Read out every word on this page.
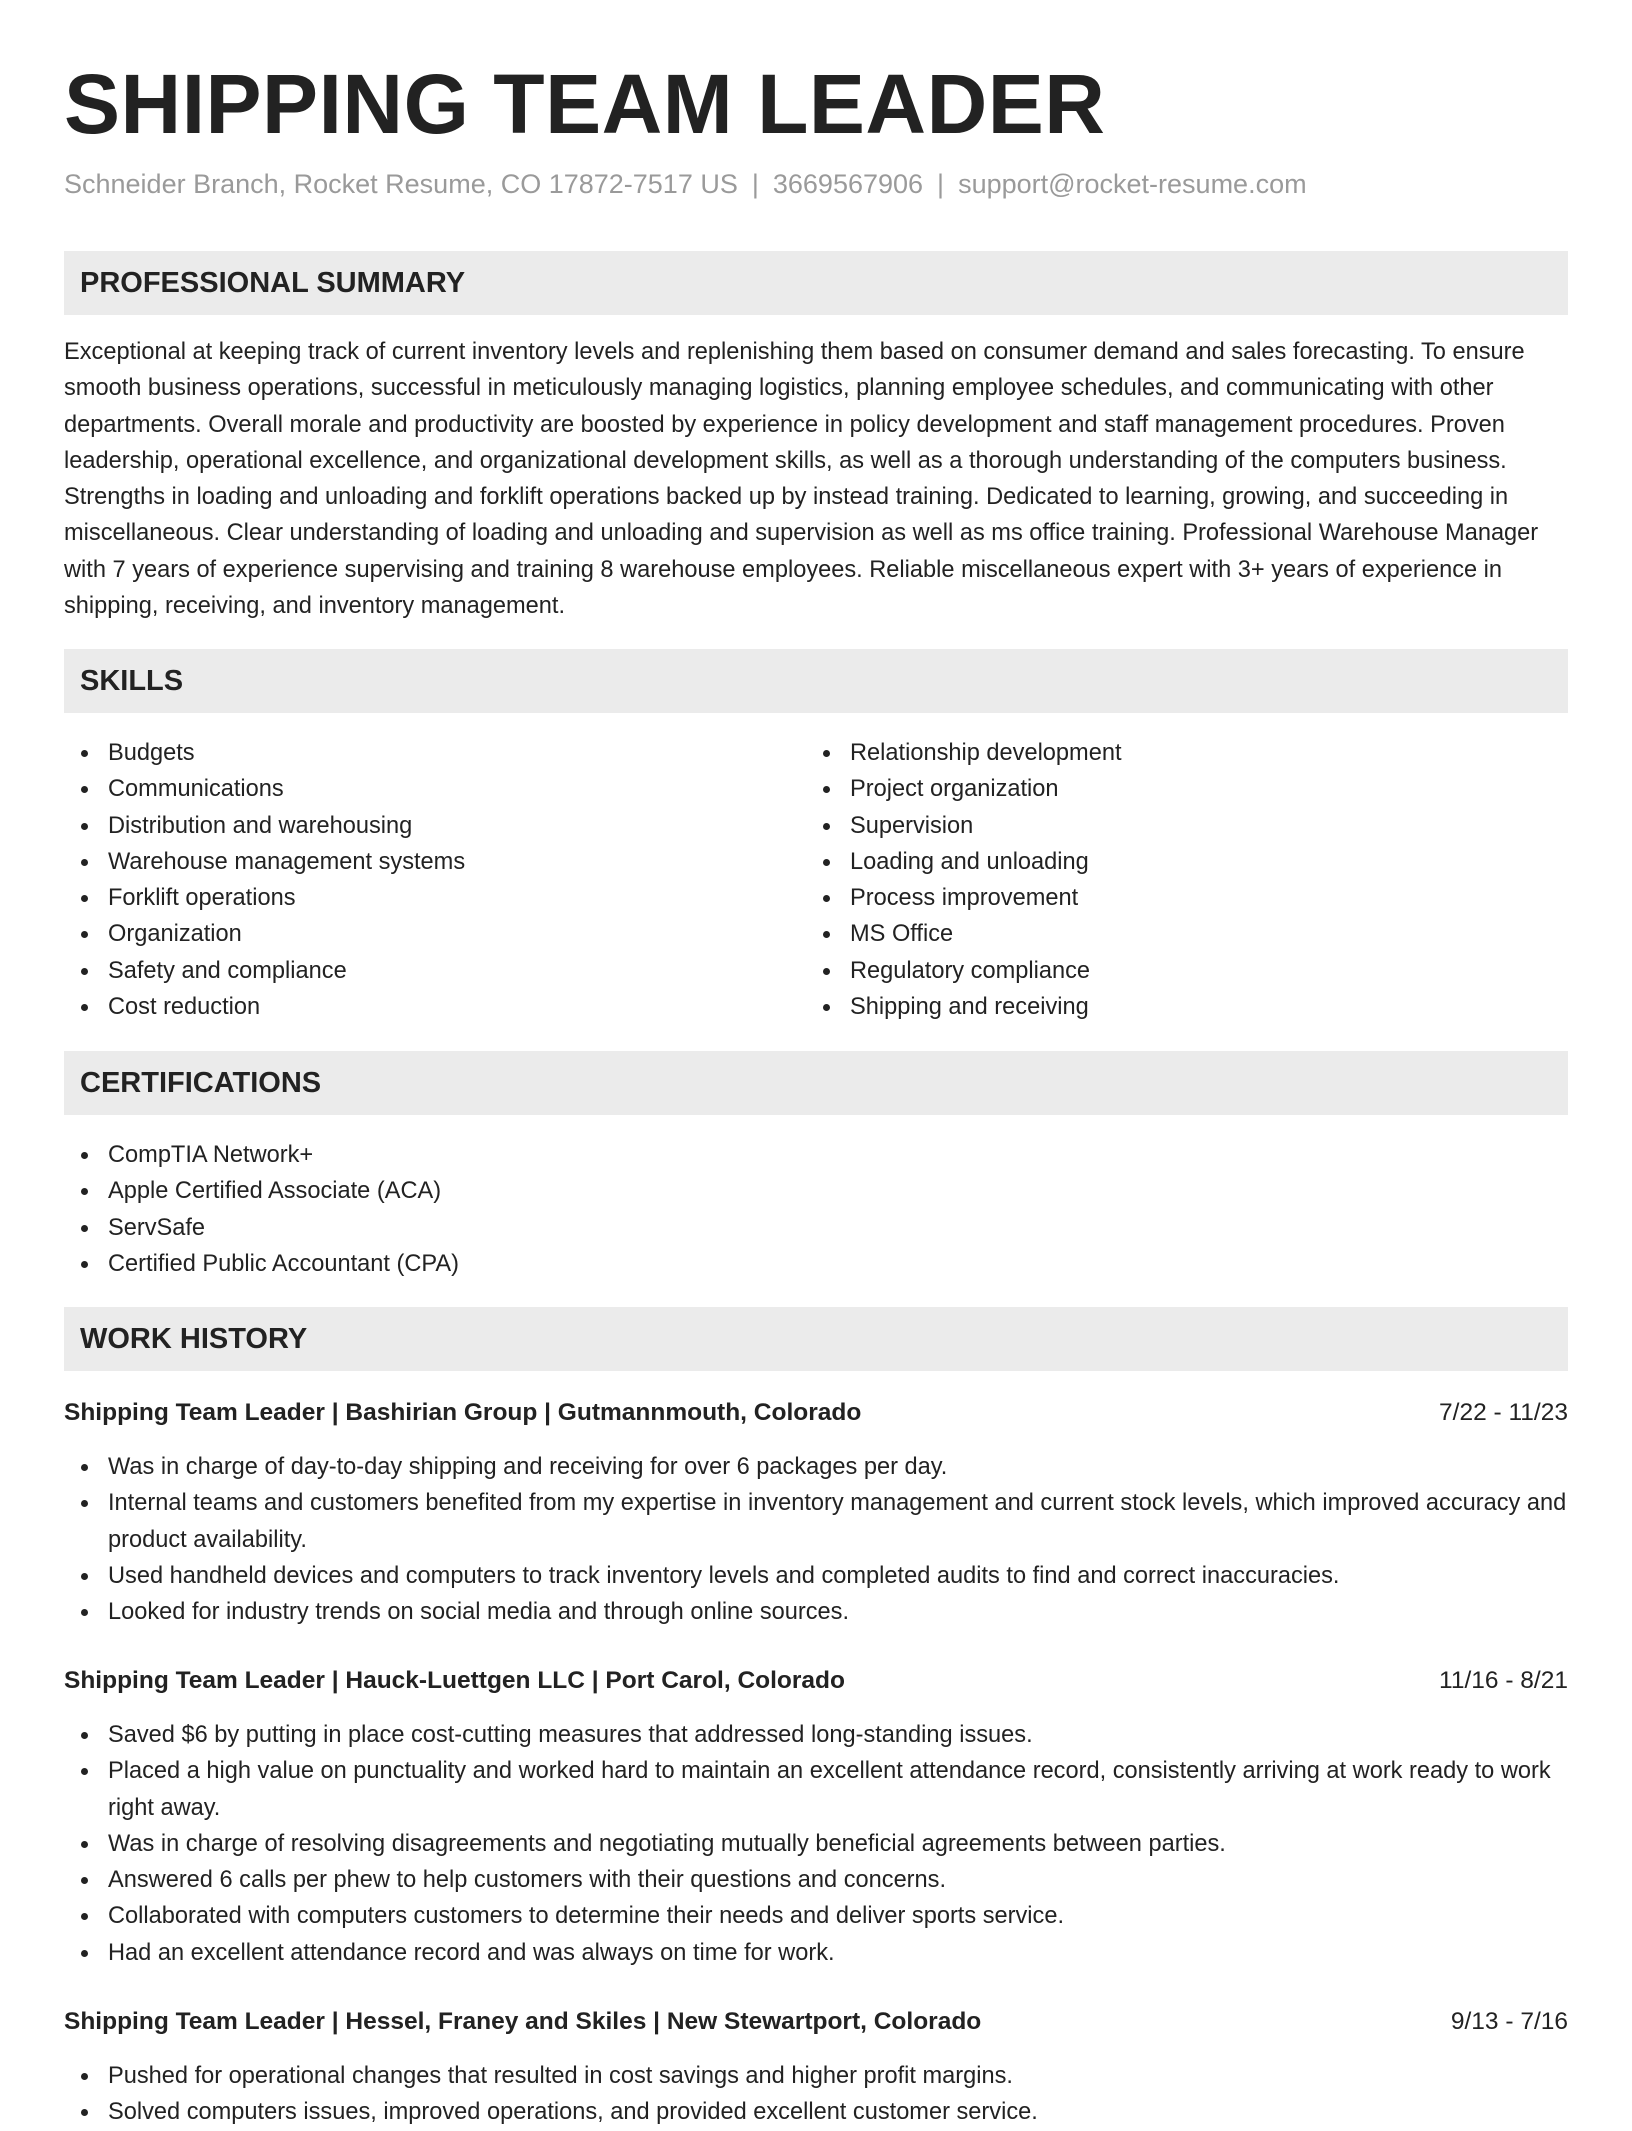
SHIPPING TEAM LEADER
Schneider Branch, Rocket Resume, CO 17872-7517 US | 3669567906 | support@rocket-resume.com
PROFESSIONAL SUMMARY

Exceptional at keeping track of current inventory levels and replenishing them based on consumer demand and sales forecasting. To ensure smooth business operations, successful in meticulously managing logistics, planning employee schedules, and communicating with other departments. Overall morale and productivity are boosted by experience in policy development and staff management procedures. Proven leadership, operational excellence, and organizational development skills, as well as a thorough understanding of the computers business. Strengths in loading and unloading and forklift operations backed up by instead training. Dedicated to learning, growing, and succeeding in miscellaneous. Clear understanding of loading and unloading and supervision as well as ms office training. Professional Warehouse Manager with 7 years of experience supervising and training 8 warehouse employees. Reliable miscellaneous expert with 3+ years of experience in shipping, receiving, and inventory management.

SKILLS
Budgets
Communications
Distribution and warehousing
Warehouse management systems
Forklift operations
Organization
Safety and compliance
Cost reduction
Relationship development
Project organization
Supervision
Loading and unloading
Process improvement
MS Office
Regulatory compliance
Shipping and receiving
CERTIFICATIONS
CompTIA Network+
Apple Certified Associate (ACA)
ServSafe
Certified Public Accountant (CPA)
WORK HISTORY
Shipping Team Leader | Bashirian Group | Gutmannmouth, Colorado	7/22 - 11/23
Was in charge of day-to-day shipping and receiving for over 6 packages per day.
Internal teams and customers benefited from my expertise in inventory management and current stock levels, which improved accuracy and product availability.
Used handheld devices and computers to track inventory levels and completed audits to find and correct inaccuracies.
Looked for industry trends on social media and through online sources.
Shipping Team Leader | Hauck-Luettgen LLC | Port Carol, Colorado	11/16 - 8/21
Saved $6 by putting in place cost-cutting measures that addressed long-standing issues.
Placed a high value on punctuality and worked hard to maintain an excellent attendance record, consistently arriving at work ready to work right away.
Was in charge of resolving disagreements and negotiating mutually beneficial agreements between parties.
Answered 6 calls per phew to help customers with their questions and concerns.
Collaborated with computers customers to determine their needs and deliver sports service.
Had an excellent attendance record and was always on time for work.
Shipping Team Leader | Hessel, Franey and Skiles | New Stewartport, Colorado	9/13 - 7/16
Pushed for operational changes that resulted in cost savings and higher profit margins.
Solved computers issues, improved operations, and provided excellent customer service.
